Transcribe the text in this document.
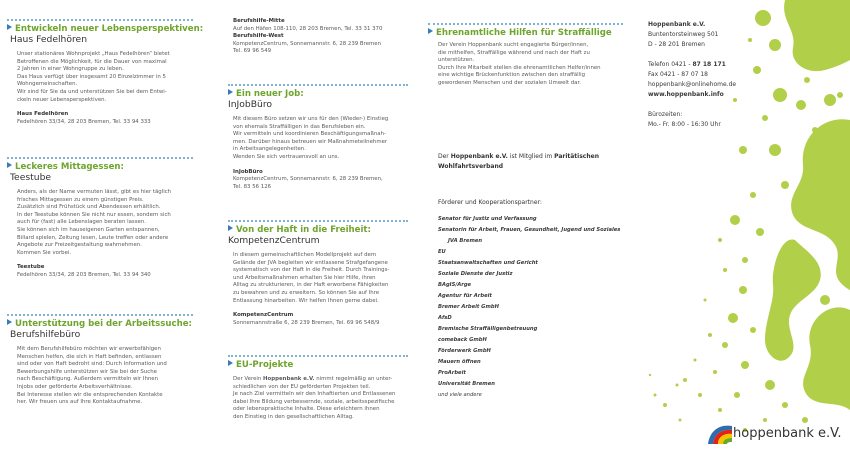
Entwickeln neuer Lebensperspektiven:
Haus Fedelhören
Unser stationäres Wohnprojekt „Haus Fedelhören“ bietet
Betroffenen die Möglichkeit, für die Dauer von maximal
2 Jahren in einer Wohngruppe zu leben.
Das Haus verfügt über insgesamt 20 Einzelzimmer in 5
Wohngemeinschaften.
Wir sind für Sie da und unterstützen Sie bei dem Entwi-
ckeln neuer Lebensperspektiven.
Haus Fedelhören
Fedelhören 33/34, 28 203 Bremen, Tel. 33 94 333
Leckeres Mittagessen:
Teestube
Anders, als der Name vermuten lässt, gibt es hier täglich
frisches Mittagessen zu einem günstigen Preis.
Zusätzlich sind Frühstück und Abendessen erhältlich.
In der Teestube können Sie nicht nur essen, sondern sich
auch für (fast) alle Lebenslagen beraten lassen.
Sie können sich im hauseigenen Garten entspannen,
Billard spielen, Zeitung lesen, Leute treffen oder andere
Angebote zur Freizeitgestaltung wahrnehmen.
Kommen Sie vorbei.
Teestube
Fedelhören 33/34, 28 203 Bremen, Tel. 33 94 340
Unterstützung bei der Arbeitssuche:
Berufshilfebüro
Mit dem Berufshilfebüro möchten wir erwerbsfähigen
Menschen helfen, die sich in Haft befinden, entlassen
sind oder von Haft bedroht sind: Durch Information und
Bewerbungshilfe unterstützen wir Sie bei der Suche
nach Beschäftigung. Außerdem vermitteln wir Ihnen
Injobs oder geförderte Arbeitsverhältnisse.
Bei Interesse stellen wir die entsprechenden Kontakte
her. Wir freuen uns auf Ihre Kontaktaufnahme.
Berufshilfe-Mitte
Auf den Häfen 108-110, 28 203 Bremen, Tel. 33 31 370
Berufshilfe-West
KompetenzCentrum, Sonnemannstr. 6, 28 239 Bremen
Tel. 69 96 549
Ein neuer Job:
InJobBüro
Mit diesem Büro setzen wir uns für den (Wieder-) Einstieg
von ehemals Straffälligen in das Berufsleben ein.
Wir vermitteln und koordinieren Beschäftigungsmaßnah-
men. Darüber hinaus betreuen wir Maßnahmeteilnehmer
in Arbeitsangelegenheiten.
Wenden Sie sich vertrauensvoll an uns.
InJobBüro
KompetenzCentrum, Sonnemannstr. 6, 28 239 Bremen,
Tel. 83 56 126
Von der Haft in die Freiheit:
KompetenzCentrum
In diesem gemeinschaftlichen Modellprojekt auf dem
Gelände der JVA begleiten wir entlassene Strafgefangene
systematisch von der Haft in die Freiheit. Durch Trainings-
und Arbeitsmaßnahmen erhalten Sie hier Hilfe, ihren
Alltag zu strukturieren, in der Haft erworbene Fähigkeiten
zu bewahren und zu erweitern. So können Sie auf Ihre
Entlassung hinarbeiten. Wir helfen Ihnen gerne dabei.
KompetenzCentrum
Sonnemannstraße 6, 28 239 Bremen, Tel. 69 96 548/9
EU-Projekte
Der Verein Hoppenbank e.V. nimmt regelmäßig an unter-
schiedlichen von der EU geförderten Projekten teil.
Je nach Ziel vermitteln wir den Inhaftierten und Entlassenen
dabei Ihre Bildung verbessernde, soziale, arbeitsspezifische
oder lebenspraktische Inhalte. Diese erleichtern ihnen
den Einstieg in den gesellschaftlichen Alltag.
Ehrenamtliche Hilfen für Straffällige
Der Verein Hoppenbank sucht engagierte Bürger/innen,
die mithelfen, Straffällige während und nach der Haft zu
unterstützen.
Durch Ihre Mitarbeit stellen die ehrenamtlichen Helfer/innen
eine wichtige Brückenfunktion zwischen den straffällig
gewordenen Menschen und der sozialen Umwelt dar.
Der Hoppenbank e.V. ist Mitglied im Paritätischen
Wohlfahrtsverband
Förderer und Kooperationspartner:
Senator für Justiz und Verfassung
Senatorin für Arbeit, Frauen, Gesundheit, Jugend und Soziales
JVA Bremen
EU
Staatsanwaltschaften und Gericht
Soziale Dienste der Justiz
BAgIS/Arge
Agentur für Arbeit
Bremer Arbeit GmbH
AfsD
Bremische Straffälligenbetreuung
comeback GmbH
Förderwerk GmbH
Mauern öffnen
ProArbeit
Universität Bremen
und viele andere
Hoppenbank e.V.
Buntentorsteinweg 501
D - 28 201 Bremen
Telefon 0421 - 87 18 171
Fax 0421 - 87 07 18
hoppenbank@onlinehome.de
www.hoppenbank.info
Bürozeiten:
Mo.- Fr. 8:00 - 16:30 Uhr
hoppenbank e.V.
